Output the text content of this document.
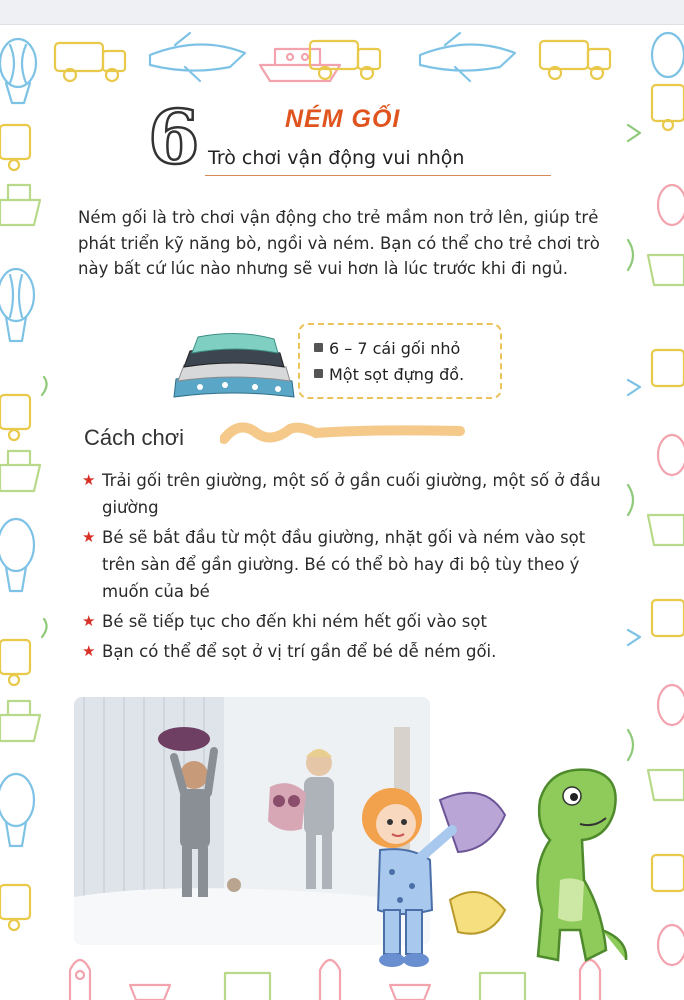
6	NÉM GỐI
Trò chơi vận động vui nhộn
Ném gối là trò chơi vận động cho trẻ mầm non trở lên, giúp trẻ phát triển kỹ năng bò, ngồi và ném. Bạn có thể cho trẻ chơi trò này bất cứ lúc nào nhưng sẽ vui hơn là lúc trước khi đi ngủ.
6 – 7 cái gối nhỏ
Một sọt đựng đồ.
Cách chơi
★ Trải gối trên giường, một số ở gần cuối giường, một số ở đầu giường
★ Bé sẽ bắt đầu từ một đầu giường, nhặt gối và ném vào sọt trên sàn để gần giường. Bé có thể bò hay đi bộ tùy theo ý muốn của bé
★ Bé sẽ tiếp tục cho đến khi ném hết gối vào sọt
★ Bạn có thể để sọt ở vị trí gần để bé dễ ném gối.
